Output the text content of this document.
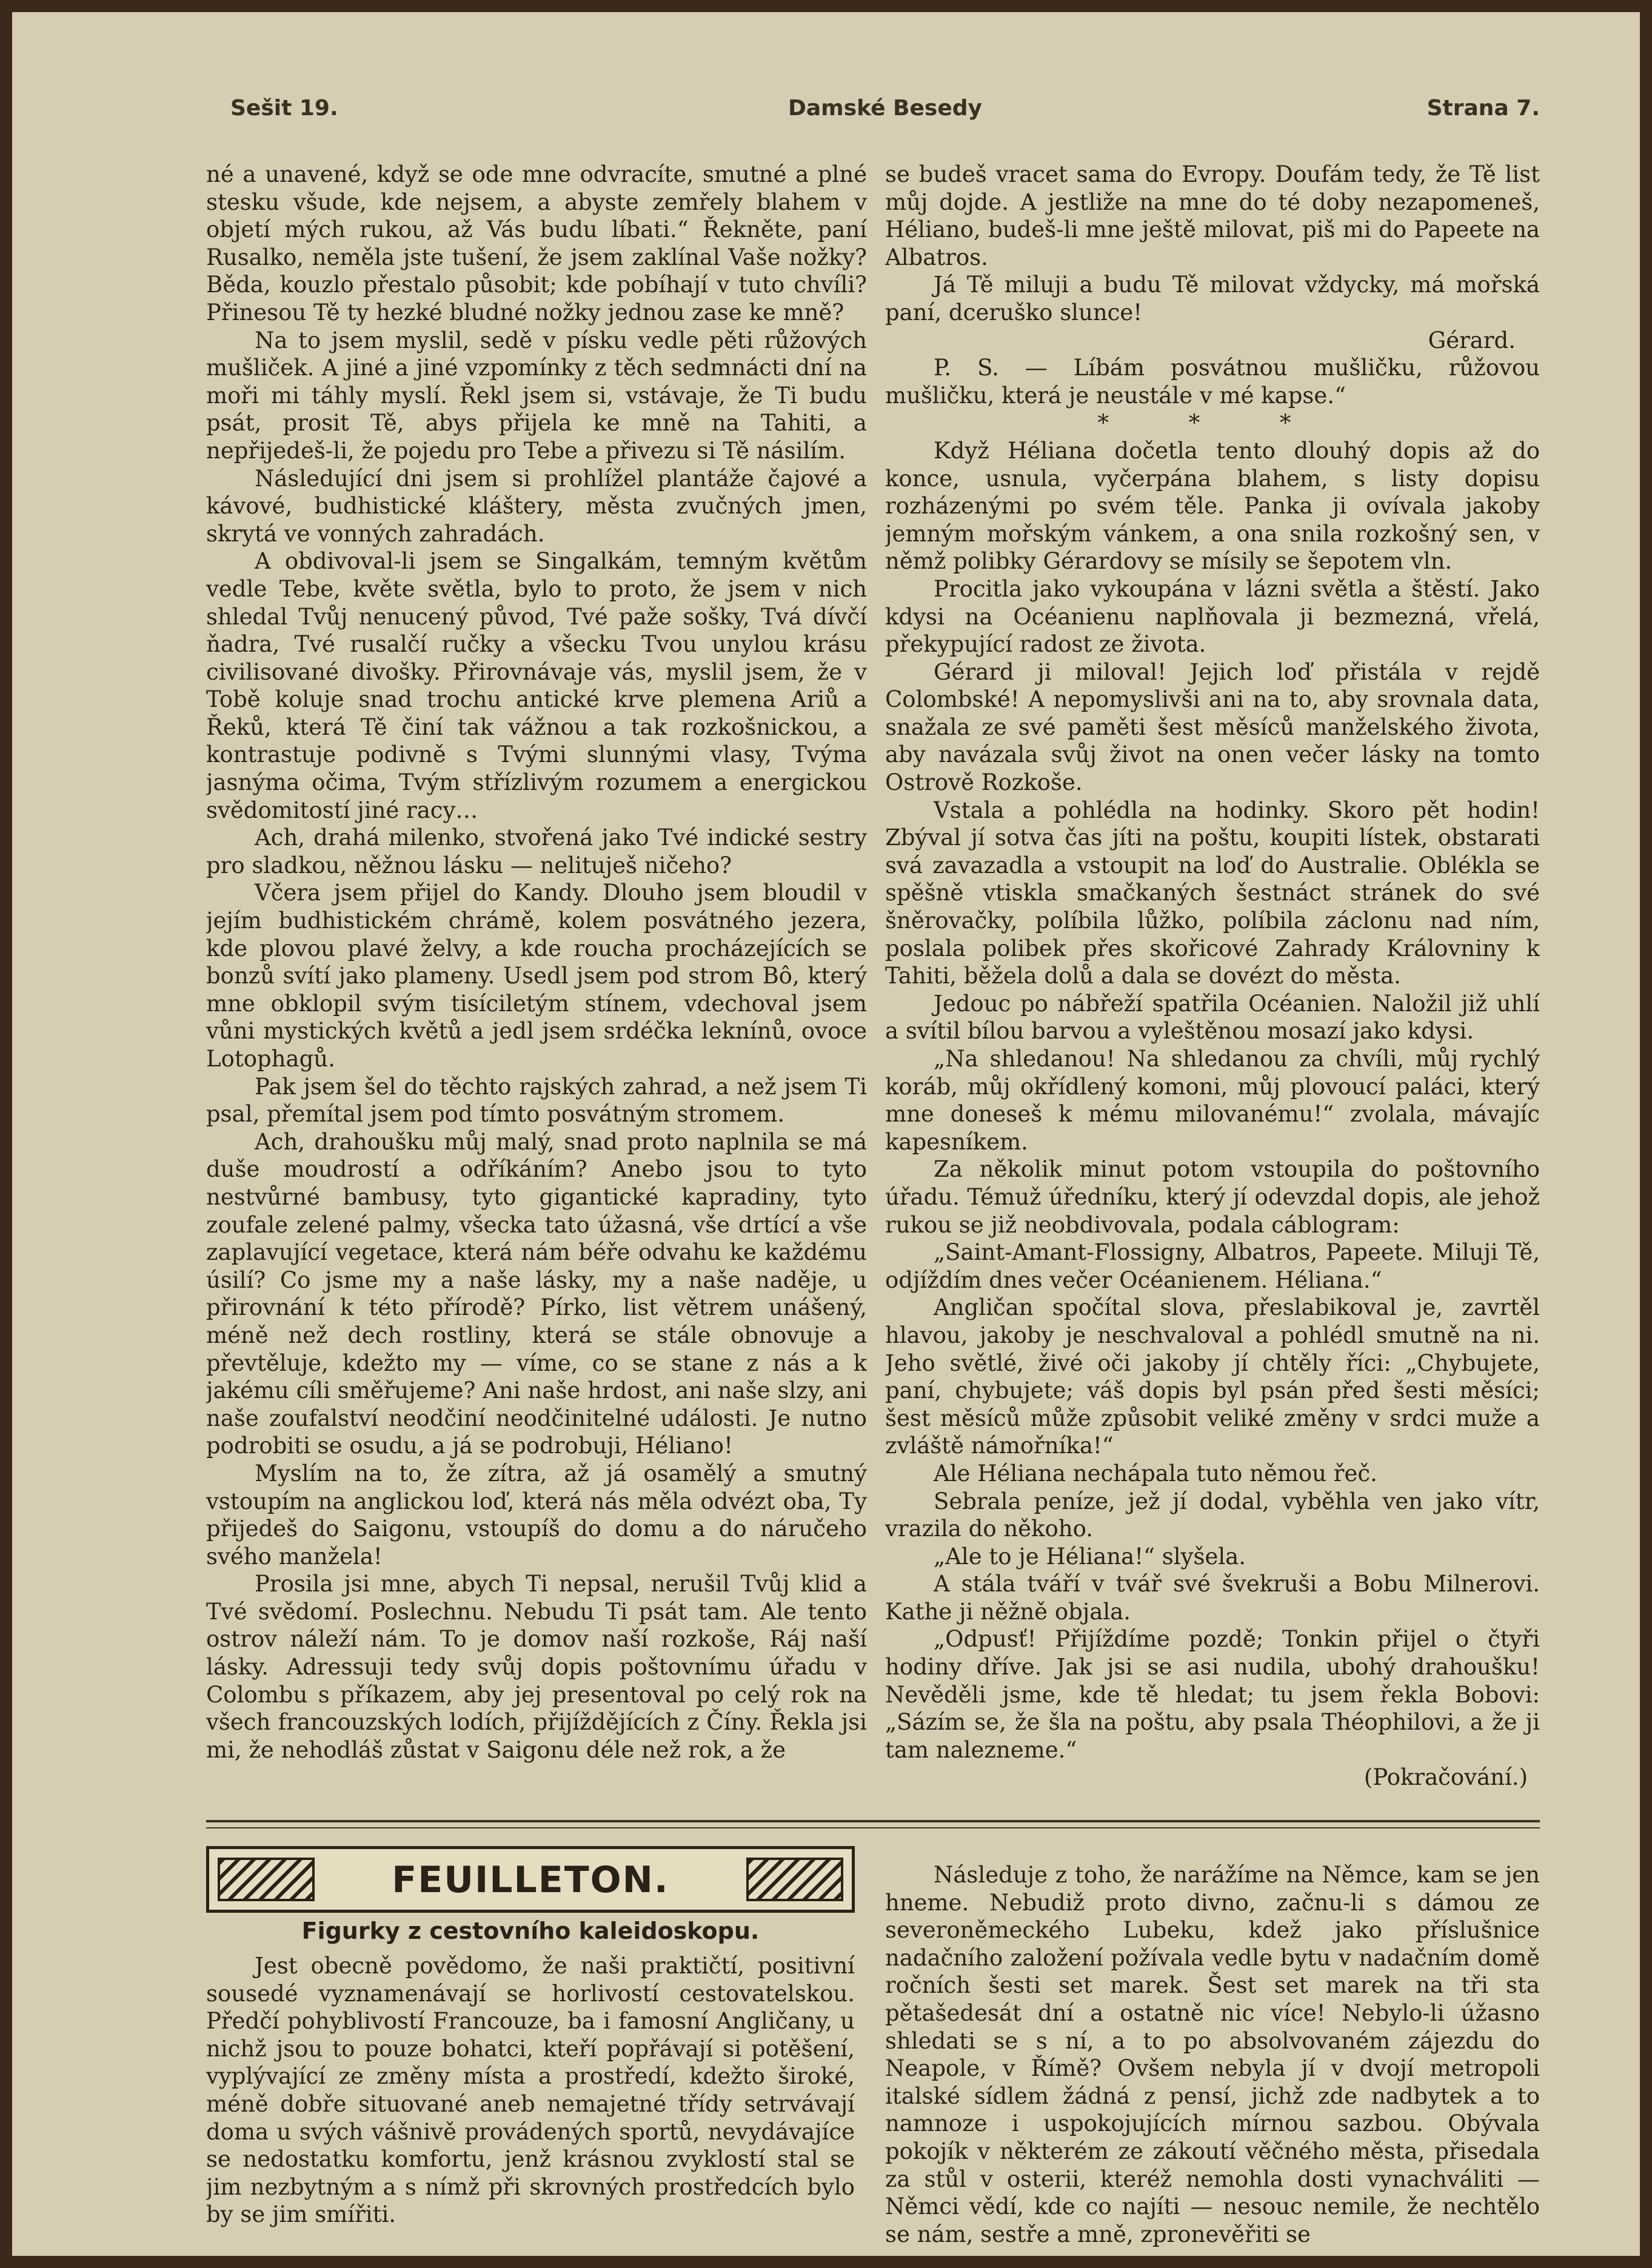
Sešit 19.	Damské Besedy	Strana 7.

né a unavené, když se ode mne odvracíte, smutné a plné stesku všude, kde nejsem, a abyste zemřely blahem v objetí mých rukou, až Vás budu líbati.“ Řekněte, paní Rusalko, neměla jste tušení, že jsem zaklínal Vaše nožky? Běda, kouzlo přestalo působit; kde pobíhají v tuto chvíli? Přinesou Tě ty hezké bludné nožky jednou zase ke mně?

Na to jsem myslil, sedě v písku vedle pěti růžových mušliček. A jiné a jiné vzpomínky z těch sedmnácti dní na moři mi táhly myslí. Řekl jsem si, vstávaje, že Ti budu psát, prosit Tě, abys přijela ke mně na Tahiti, a nepřijedeš-li, že pojedu pro Tebe a přivezu si Tě násilím.

Následující dni jsem si prohlížel plantáže čajové a kávové, budhistické kláštery, města zvučných jmen, skrytá ve vonných zahradách.

A obdivoval-li jsem se Singalkám, temným květům vedle Tebe, květe světla, bylo to proto, že jsem v nich shledal Tvůj nenucený původ, Tvé paže sošky, Tvá dívčí ňadra, Tvé rusalčí ručky a všecku Tvou unylou krásu civilisované divošky. Přirovnávaje vás, myslil jsem, že v Tobě koluje snad trochu antické krve plemena Ariů a Řeků, která Tě činí tak vážnou a tak rozkošnickou, a kontrastuje podivně s Tvými slunnými vlasy, Tvýma jasnýma očima, Tvým střízlivým rozumem a energickou svědomitostí jiné racy…

Ach, drahá milenko, stvořená jako Tvé indické sestry pro sladkou, něžnou lásku — nelituješ ničeho?

Včera jsem přijel do Kandy. Dlouho jsem bloudil v jejím budhistickém chrámě, kolem posvátného jezera, kde plovou plavé želvy, a kde roucha procházejících se bonzů svítí jako plameny. Usedl jsem pod strom Bô, který mne obklopil svým tisíciletým stínem, vdechoval jsem vůni mystických květů a jedl jsem srdéčka leknínů, ovoce Lotophagů.

Pak jsem šel do těchto rajských zahrad, a než jsem Ti psal, přemítal jsem pod tímto posvátným stromem.

Ach, drahoušku můj malý, snad proto naplnila se má duše moudrostí a odříkáním? Anebo jsou to tyto nestvůrné bambusy, tyto gigantické kapradiny, tyto zoufale zelené palmy, všecka tato úžasná, vše drtící a vše zaplavující vegetace, která nám béře odvahu ke každému úsilí? Co jsme my a naše lásky, my a naše naděje, u přirovnání k této přírodě? Pírko, list větrem unášený, méně než dech rostliny, která se stále obnovuje a převtěluje, kdežto my — víme, co se stane z nás a k jakému cíli směřujeme? Ani naše hrdost, ani naše slzy, ani naše zoufalství neodčiní neodčinitelné události. Je nutno podrobiti se osudu, a já se podrobuji, Héliano!

Myslím na to, že zítra, až já osamělý a smutný vstoupím na anglickou loď, která nás měla odvézt oba, Ty přijedeš do Saigonu, vstoupíš do domu a do náručeho svého manžela!

Prosila jsi mne, abych Ti nepsal, nerušil Tvůj klid a Tvé svědomí. Poslechnu. Nebudu Ti psát tam. Ale tento ostrov náleží nám. To je domov naší rozkoše, Ráj naší lásky. Adressuji tedy svůj dopis poštovnímu úřadu v Colombu s příkazem, aby jej presentoval po celý rok na všech francouzských lodích, přijíždějících z Číny. Řekla jsi mi, že nehodláš zůstat v Saigonu déle než rok, a že

se budeš vracet sama do Evropy. Doufám tedy, že Tě list můj dojde. A jestliže na mne do té doby nezapomeneš, Héliano, budeš-li mne ještě milovat, piš mi do Papeete na Albatros.

Já Tě miluji a budu Tě milovat vždycky, má mořská paní, dceruško slunce!

Gérard.

P. S. — Líbám posvátnou mušličku, růžovou mušličku, která je neustále v mé kapse.“

* * *

Když Héliana dočetla tento dlouhý dopis až do konce, usnula, vyčerpána blahem, s listy dopisu rozházenými po svém těle. Panka ji ovívala jakoby jemným mořským vánkem, a ona snila rozkošný sen, v němž polibky Gérardovy se mísily se šepotem vln.

Procitla jako vykoupána v lázni světla a štěstí. Jako kdysi na Océanienu naplňovala ji bezmezná, vřelá, překypující radost ze života.

Gérard ji miloval! Jejich loď přistála v rejdě Colombské! A nepomyslivši ani na to, aby srovnala data, snažala ze své paměti šest měsíců manželského života, aby navázala svůj život na onen večer lásky na tomto Ostrově Rozkoše.

Vstala a pohlédla na hodinky. Skoro pět hodin! Zbýval jí sotva čas jíti na poštu, koupiti lístek, obstarati svá zavazadla a vstoupit na loď do Australie. Oblékla se spěšně vtiskla smačkaných šestnáct stránek do své šněrovačky, políbila lůžko, políbila záclonu nad ním, poslala polibek přes skořicové Zahrady Královniny k Tahiti, běžela dolů a dala se dovézt do města.

Jedouc po nábřeží spatřila Océanien. Naložil již uhlí a svítil bílou barvou a vyleštěnou mosazí jako kdysi.

„Na shledanou! Na shledanou za chvíli, můj rychlý koráb, můj okřídlený komoni, můj plovoucí paláci, který mne doneseš k mému milovanému!“ zvolala, mávajíc kapesníkem.

Za několik minut potom vstoupila do poštovního úřadu. Témuž úředníku, který jí odevzdal dopis, ale jehož rukou se již neobdivovala, podala cáblogram:

„Saint-Amant-Flossigny, Albatros, Papeete. Miluji Tě, odjíždím dnes večer Océanienem. Héliana.“

Angličan spočítal slova, přeslabikoval je, zavrtěl hlavou, jakoby je neschvaloval a pohlédl smutně na ni. Jeho světlé, živé oči jakoby jí chtěly říci: „Chybujete, paní, chybujete; váš dopis byl psán před šesti měsíci; šest měsíců může způsobit veliké změny v srdci muže a zvláště námořníka!“

Ale Héliana nechápala tuto němou řeč.

Sebrala peníze, jež jí dodal, vyběhla ven jako vítr, vrazila do někoho.

„Ale to je Héliana!“ slyšela.

A stála tváří v tvář své švekruši a Bobu Milnerovi. Kathe ji něžně objala.

„Odpusť! Přijíždíme pozdě; Tonkin přijel o čtyři hodiny dříve. Jak jsi se asi nudila, ubohý drahoušku! Nevěděli jsme, kde tě hledat; tu jsem řekla Bobovi: „Sázím se, že šla na poštu, aby psala Théophilovi, a že ji tam nalezneme.“

(Pokračování.)

FEUILLETON.
Figurky z cestovního kaleidoskopu.

Jest obecně povědomo, že naši praktičtí, positivní sousedé vyznamenávají se horlivostí cestovatelskou. Předčí pohyblivostí Francouze, ba i famosní Angličany, u nichž jsou to pouze bohatci, kteří popřávají si potěšení, vyplývající ze změny místa a prostředí, kdežto široké, méně dobře situované aneb nemajetné třídy setrvávají doma u svých vášnivě provádených sportů, nevydávajíce se nedostatku komfortu, jenž krásnou zvyklostí stal se jim nezbytným a s nímž při skrovných prostředcích bylo by se jim smířiti.

Následuje z toho, že narážíme na Němce, kam se jen hneme. Nebudiž proto divno, začnu-li s dámou ze severoněmeckého Lubeku, kdež jako příslušnice nadačního založení požívala vedle bytu v nadačním domě ročních šesti set marek. Šest set marek na tři sta pětašedesát dní a ostatně nic více! Nebylo-li úžasno shledati se s ní, a to po absolvovaném zájezdu do Neapole, v Římě? Ovšem nebyla jí v dvojí metropoli italské sídlem žádná z pensí, jichž zde nadbytek a to namnoze i uspokojujících mírnou sazbou. Obývala pokojík v některém ze zákoutí věčného města, přisedala za stůl v osterii, kteréž nemohla dosti vynachváliti — Němci vědí, kde co najíti — nesouc nemile, že nechtělo se nám, sestře a mně, zpronevěřiti se
